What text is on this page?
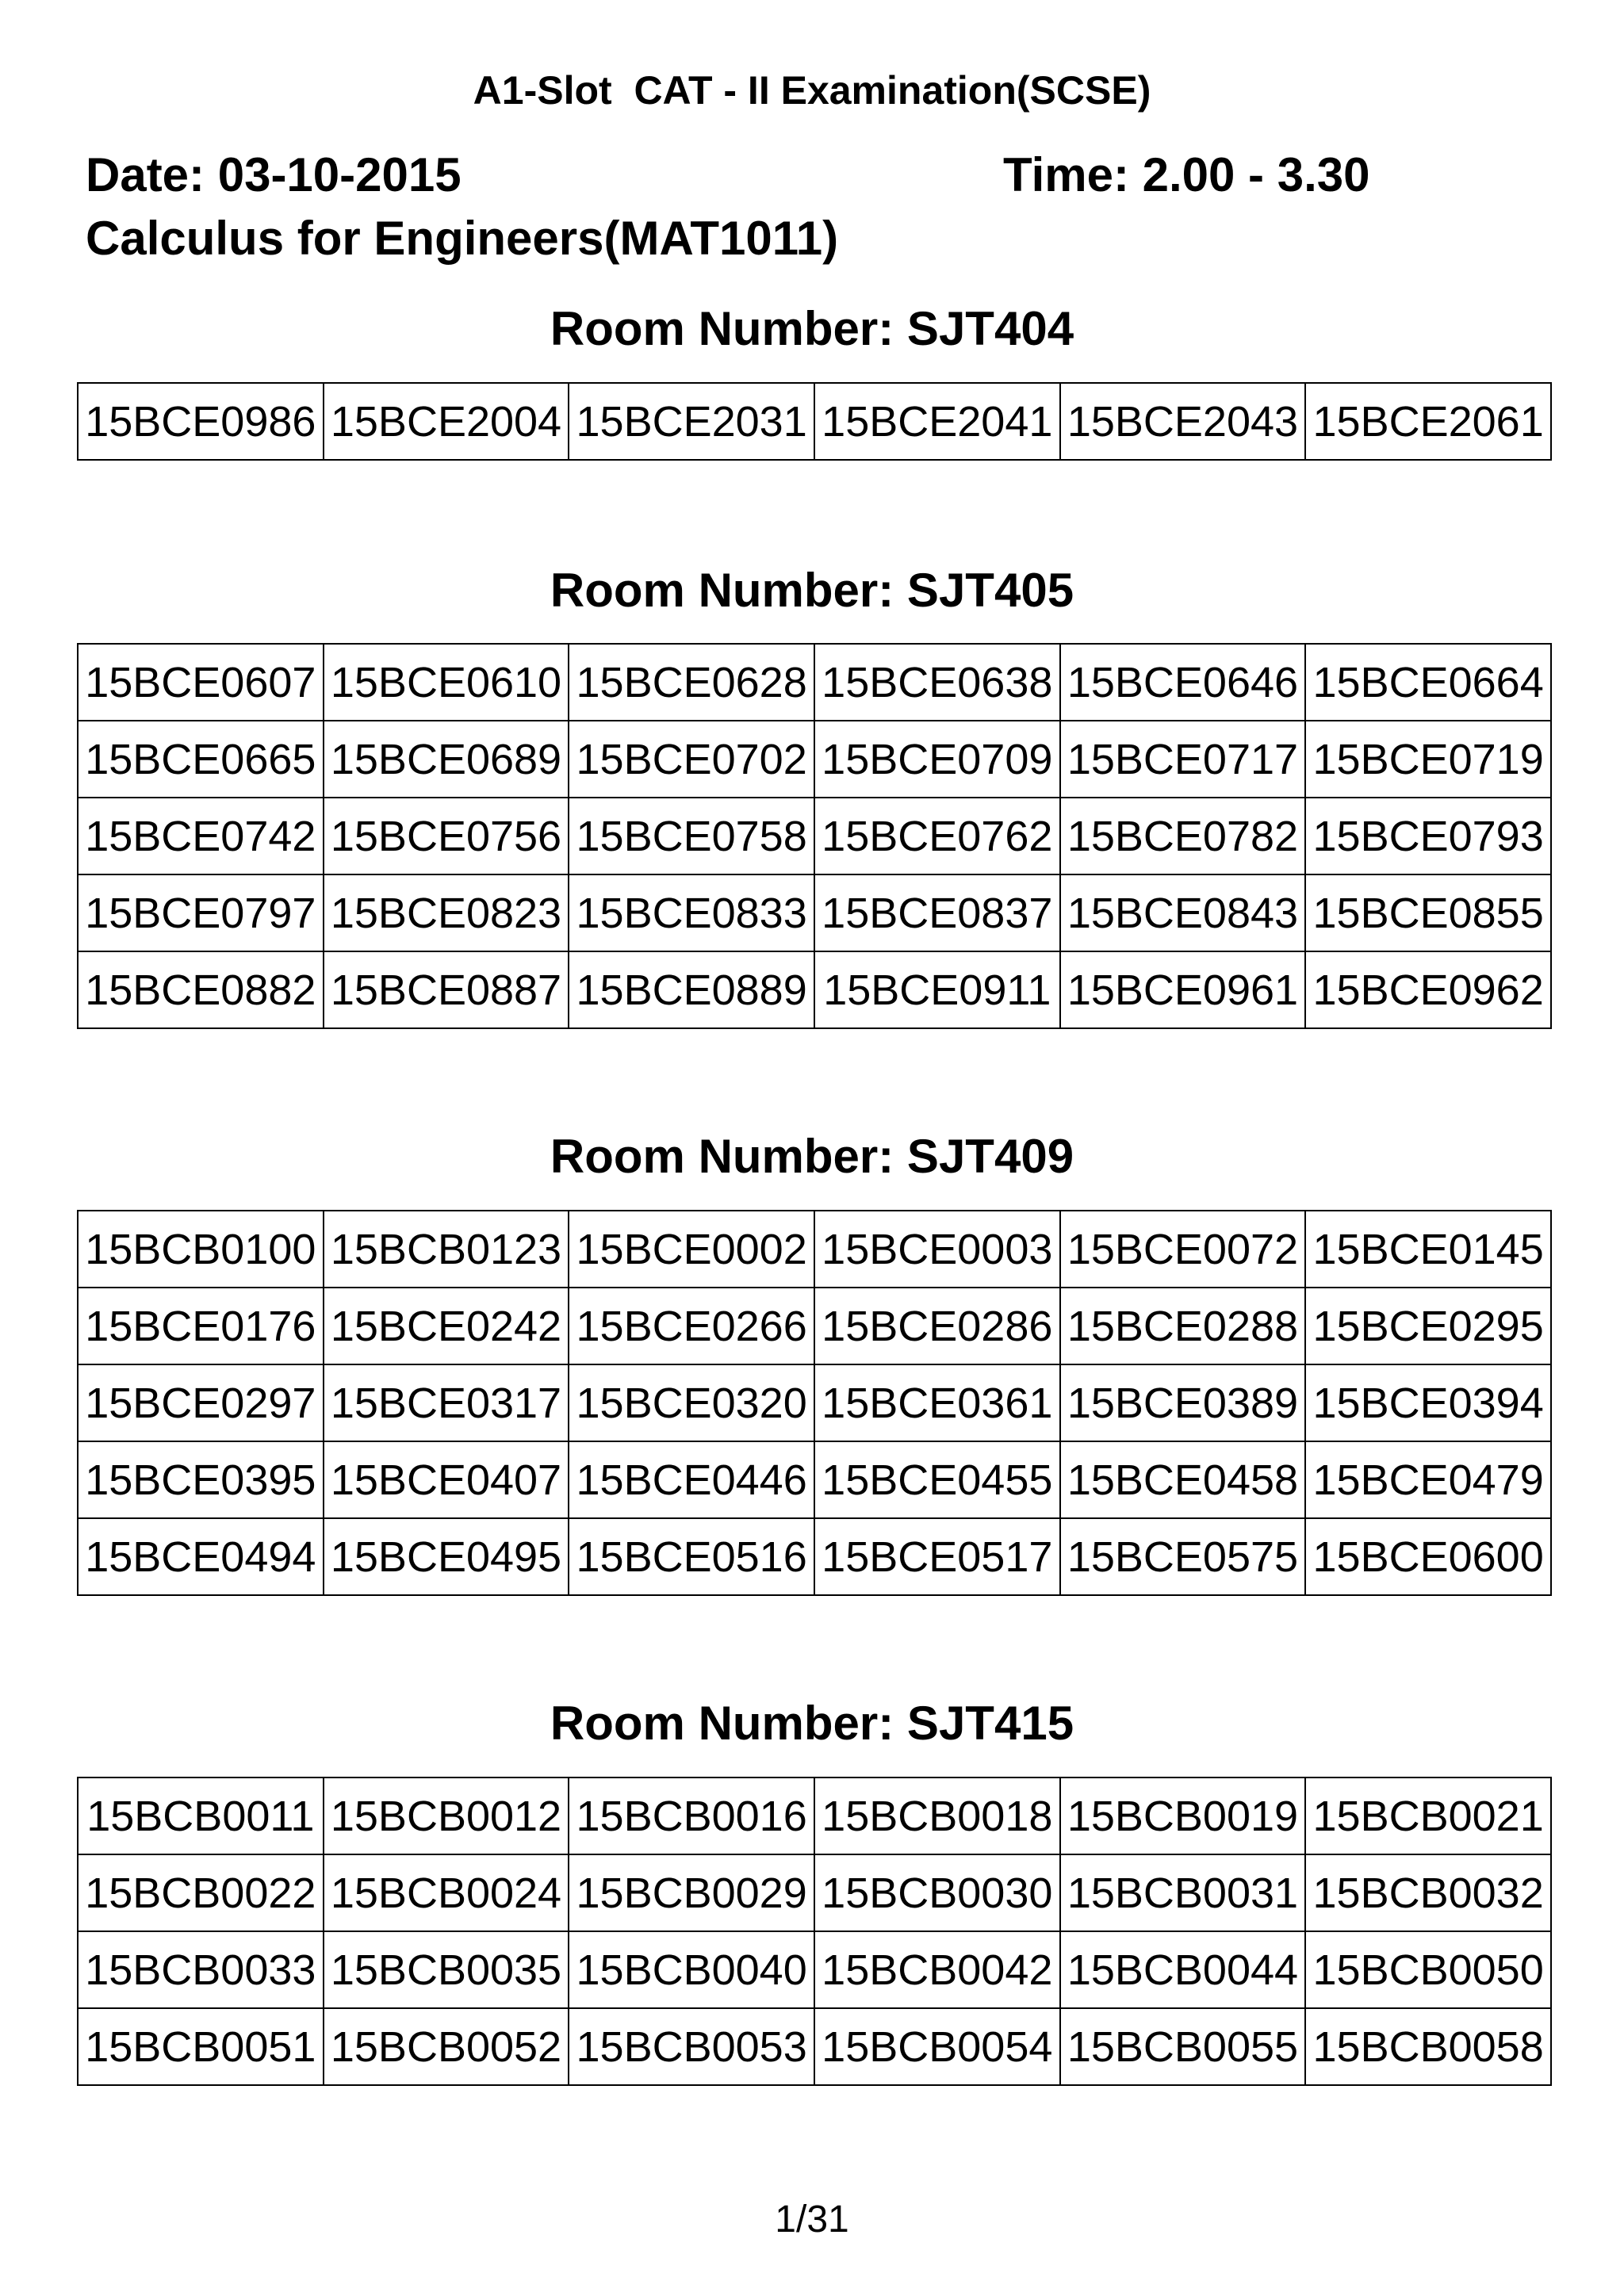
A1-Slot  CAT - II Examination(SCSE)
Date: 03-10-2015	Time: 2.00 - 3.30
Calculus for Engineers(MAT1011)
Room Number: SJT404
15BCE0986	15BCE2004	15BCE2031	15BCE2041	15BCE2043	15BCE2061
Room Number: SJT405
15BCE0607	15BCE0610	15BCE0628	15BCE0638	15BCE0646	15BCE0664
15BCE0665	15BCE0689	15BCE0702	15BCE0709	15BCE0717	15BCE0719
15BCE0742	15BCE0756	15BCE0758	15BCE0762	15BCE0782	15BCE0793
15BCE0797	15BCE0823	15BCE0833	15BCE0837	15BCE0843	15BCE0855
15BCE0882	15BCE0887	15BCE0889	15BCE0911	15BCE0961	15BCE0962
Room Number: SJT409
15BCB0100	15BCB0123	15BCE0002	15BCE0003	15BCE0072	15BCE0145
15BCE0176	15BCE0242	15BCE0266	15BCE0286	15BCE0288	15BCE0295
15BCE0297	15BCE0317	15BCE0320	15BCE0361	15BCE0389	15BCE0394
15BCE0395	15BCE0407	15BCE0446	15BCE0455	15BCE0458	15BCE0479
15BCE0494	15BCE0495	15BCE0516	15BCE0517	15BCE0575	15BCE0600
Room Number: SJT415
15BCB0011	15BCB0012	15BCB0016	15BCB0018	15BCB0019	15BCB0021
15BCB0022	15BCB0024	15BCB0029	15BCB0030	15BCB0031	15BCB0032
15BCB0033	15BCB0035	15BCB0040	15BCB0042	15BCB0044	15BCB0050
15BCB0051	15BCB0052	15BCB0053	15BCB0054	15BCB0055	15BCB0058
1/31
